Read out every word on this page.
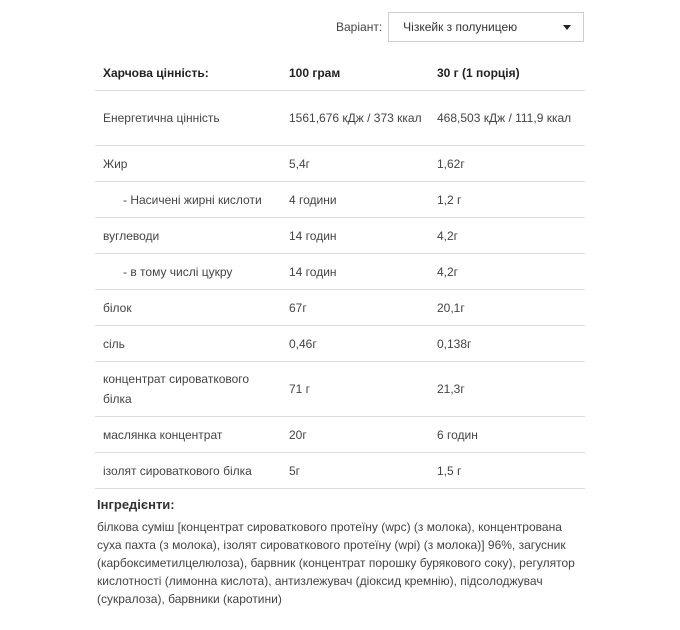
Варіант: Чізкейк з полуницею
Харчова цінність:	100 грам	30 г (1 порція)
Енергетична цінність	1561,676 кДж / 373 ккал	468,503 кДж / 111,9 ккал
Жир	5,4г	1,62г
- Насичені жирні кислоти	4 години	1,2 г
вуглеводи	14 годин	4,2г
- в тому числі цукру	14 годин	4,2г
білок	67г	20,1г
сіль	0,46г	0,138г
концентрат сироваткового білка	71 г	21,3г
маслянка концентрат	20г	6 годин
ізолят сироваткового білка	5г	1,5 г
Інгредієнти:
білкова суміш [концентрат сироваткового протеїну (wpc) (з молока), концентрована суха пахта (з молока), ізолят сироваткового протеїну (wpi) (з молока)] 96%, загусник (карбоксиметилцелюлоза), барвник (концентрат порошку бурякового соку), регулятор кислотності (лимонна кислота), антизлежувач (діоксид кремнію), підсолоджувач (сукралоза), барвники (каротини)
